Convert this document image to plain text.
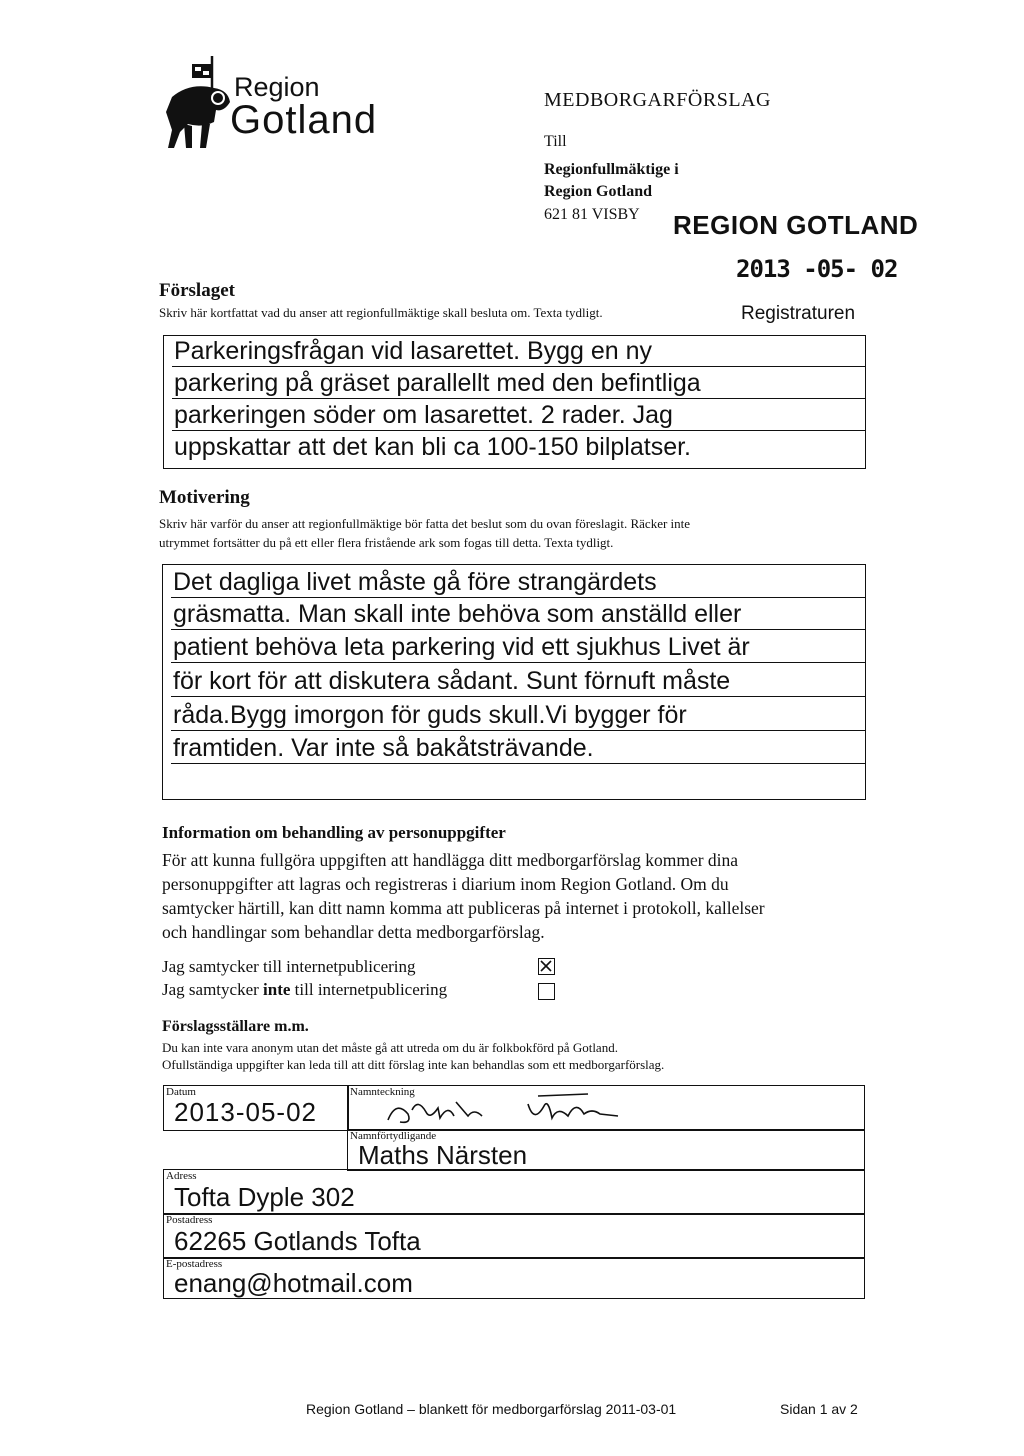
Region
Gotland	MEDBORGARFÖRSLAG
Till
Regionfullmäktige i
Region Gotland
621 81 VISBY REGION GOTLAND
2013 -05- 02
Registraturen
Förslaget
Skriv här kortfattat vad du anser att regionfullmäktige skall besluta om. Texta tydligt.
Parkeringsfrågan vid lasarettet. Bygg en ny
parkering på gräset parallellt med den befintliga
parkeringen söder om lasarettet. 2 rader. Jag
uppskattar att det kan bli ca 100-150 bilplatser.
Motivering
Skriv här varför du anser att regionfullmäktige bör fatta det beslut som du ovan föreslagit. Räcker inte
utrymmet fortsätter du på ett eller flera fristående ark som fogas till detta. Texta tydligt.
Det dagliga livet måste gå före strangärdets
gräsmatta. Man skall inte behöva som anställd eller
patient behöva leta parkering vid ett sjukhus Livet är
för kort för att diskutera sådant. Sunt förnuft måste
råda.Bygg imorgon för guds skull.Vi bygger för
framtiden. Var inte så bakåtsträvande.
Information om behandling av personuppgifter
För att kunna fullgöra uppgiften att handlägga ditt medborgarförslag kommer dina
personuppgifter att lagras och registreras i diarium inom Region Gotland. Om du
samtycker härtill, kan ditt namn komma att publiceras på internet i protokoll, kallelser
och handlingar som behandlar detta medborgarförslag.
Jag samtycker till internetpublicering
Jag samtycker inte till internetpublicering
Förslagsställare m.m.
Du kan inte vara anonym utan det måste gå att utreda om du är folkbokförd på Gotland.
Ofullständiga uppgifter kan leda till att ditt förslag inte kan behandlas som ett medborgarförslag.
Datum
2013-05-02
Namnteckning
Namnförtydligande
Maths Närsten
Adress
Tofta Dyple 302
Postadress
62265 Gotlands Tofta
E-postadress
enang@hotmail.com
Region Gotland – blankett för medborgarförslag 2011-03-01	Sidan 1 av 2
